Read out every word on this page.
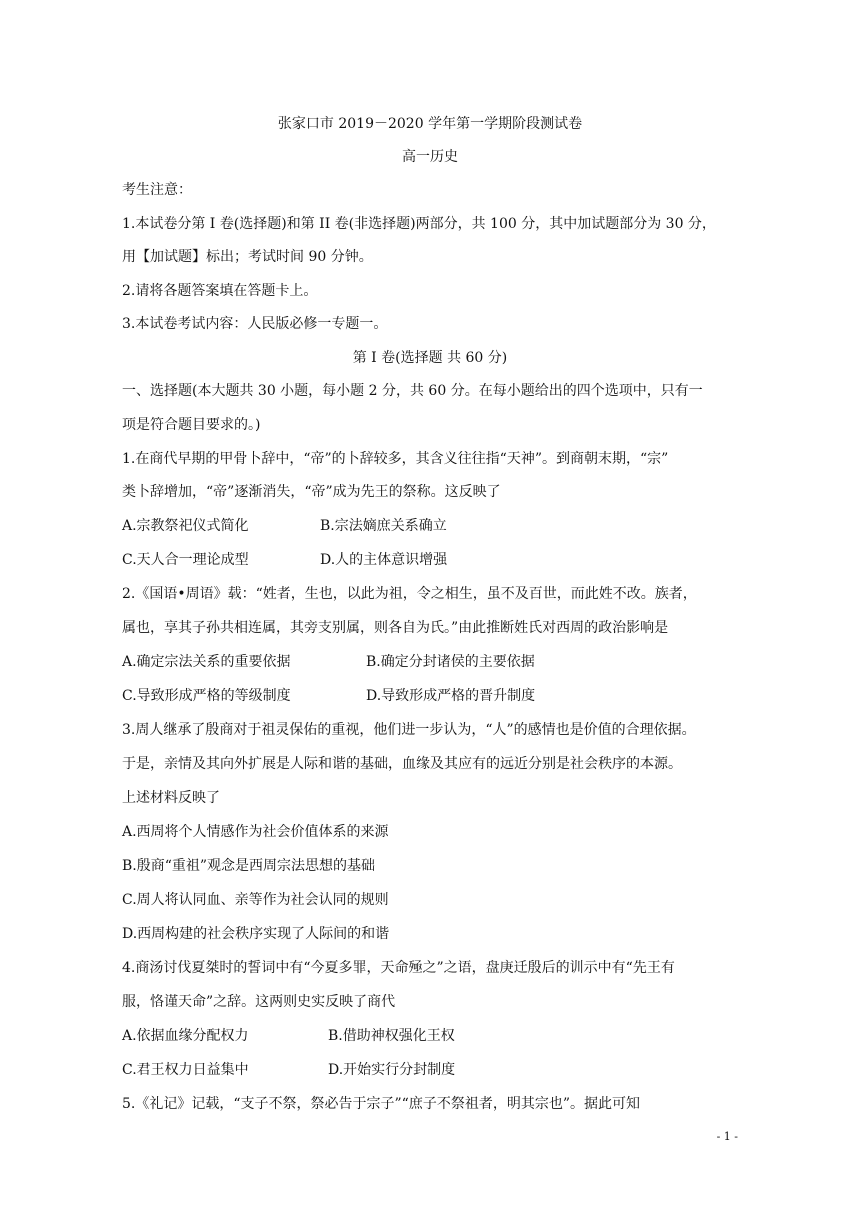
张家口市 2019－2020 学年第一学期阶段测试卷
高一历史
考生注意：
1.本试卷分第 I 卷(选择题)和第 II 卷(非选择题)两部分，共 100 分，其中加试题部分为 30 分，
用【加试题】标出；考试时间 90 分钟。
2.请将各题答案填在答题卡上。
3.本试卷考试内容：人民版必修一专题一。
第 I 卷(选择题 共 60 分)
一、选择题(本大题共 30 小题，每小题 2 分，共 60 分。在每小题给出的四个选项中，只有一
项是符合题目要求的。)
1.在商代早期的甲骨卜辞中，“帝”的卜辞较多，其含义往往指“天神”。到商朝末期，“宗”
类卜辞增加，“帝”逐渐消失，“帝”成为先王的祭称。这反映了
A.宗教祭祀仪式简化	B.宗法嫡庶关系确立
C.天人合一理论成型	D.人的主体意识增强
2.《国语•周语》载：“姓者，生也，以此为祖，令之相生，虽不及百世，而此姓不改。族者，
属也，享其子孙共相连属，其旁支别属，则各自为氏。”由此推断姓氏对西周的政治影响是
A.确定宗法关系的重要依据	B.确定分封诸侯的主要依据
C.导致形成严格的等级制度	D.导致形成严格的晋升制度
3.周人继承了殷商对于祖灵保佑的重视，他们进一步认为，“人”的感情也是价值的合理依据。
于是，亲情及其向外扩展是人际和谐的基础，血缘及其应有的远近分别是社会秩序的本源。
上述材料反映了
A.西周将个人情感作为社会价值体系的来源
B.殷商“重祖”观念是西周宗法思想的基础
C.周人将认同血、亲等作为社会认同的规则
D.西周构建的社会秩序实现了人际间的和谐
4.商汤讨伐夏桀时的誓词中有“今夏多罪，天命殛之”之语，盘庚迁殷后的训示中有“先王有
服，恪谨天命”之辞。这两则史实反映了商代
A.依据血缘分配权力	B.借助神权强化王权
C.君王权力日益集中	D.开始实行分封制度
5.《礼记》记载，“支子不祭，祭必告于宗子”“庶子不祭祖者，明其宗也”。据此可知
- 1 -
